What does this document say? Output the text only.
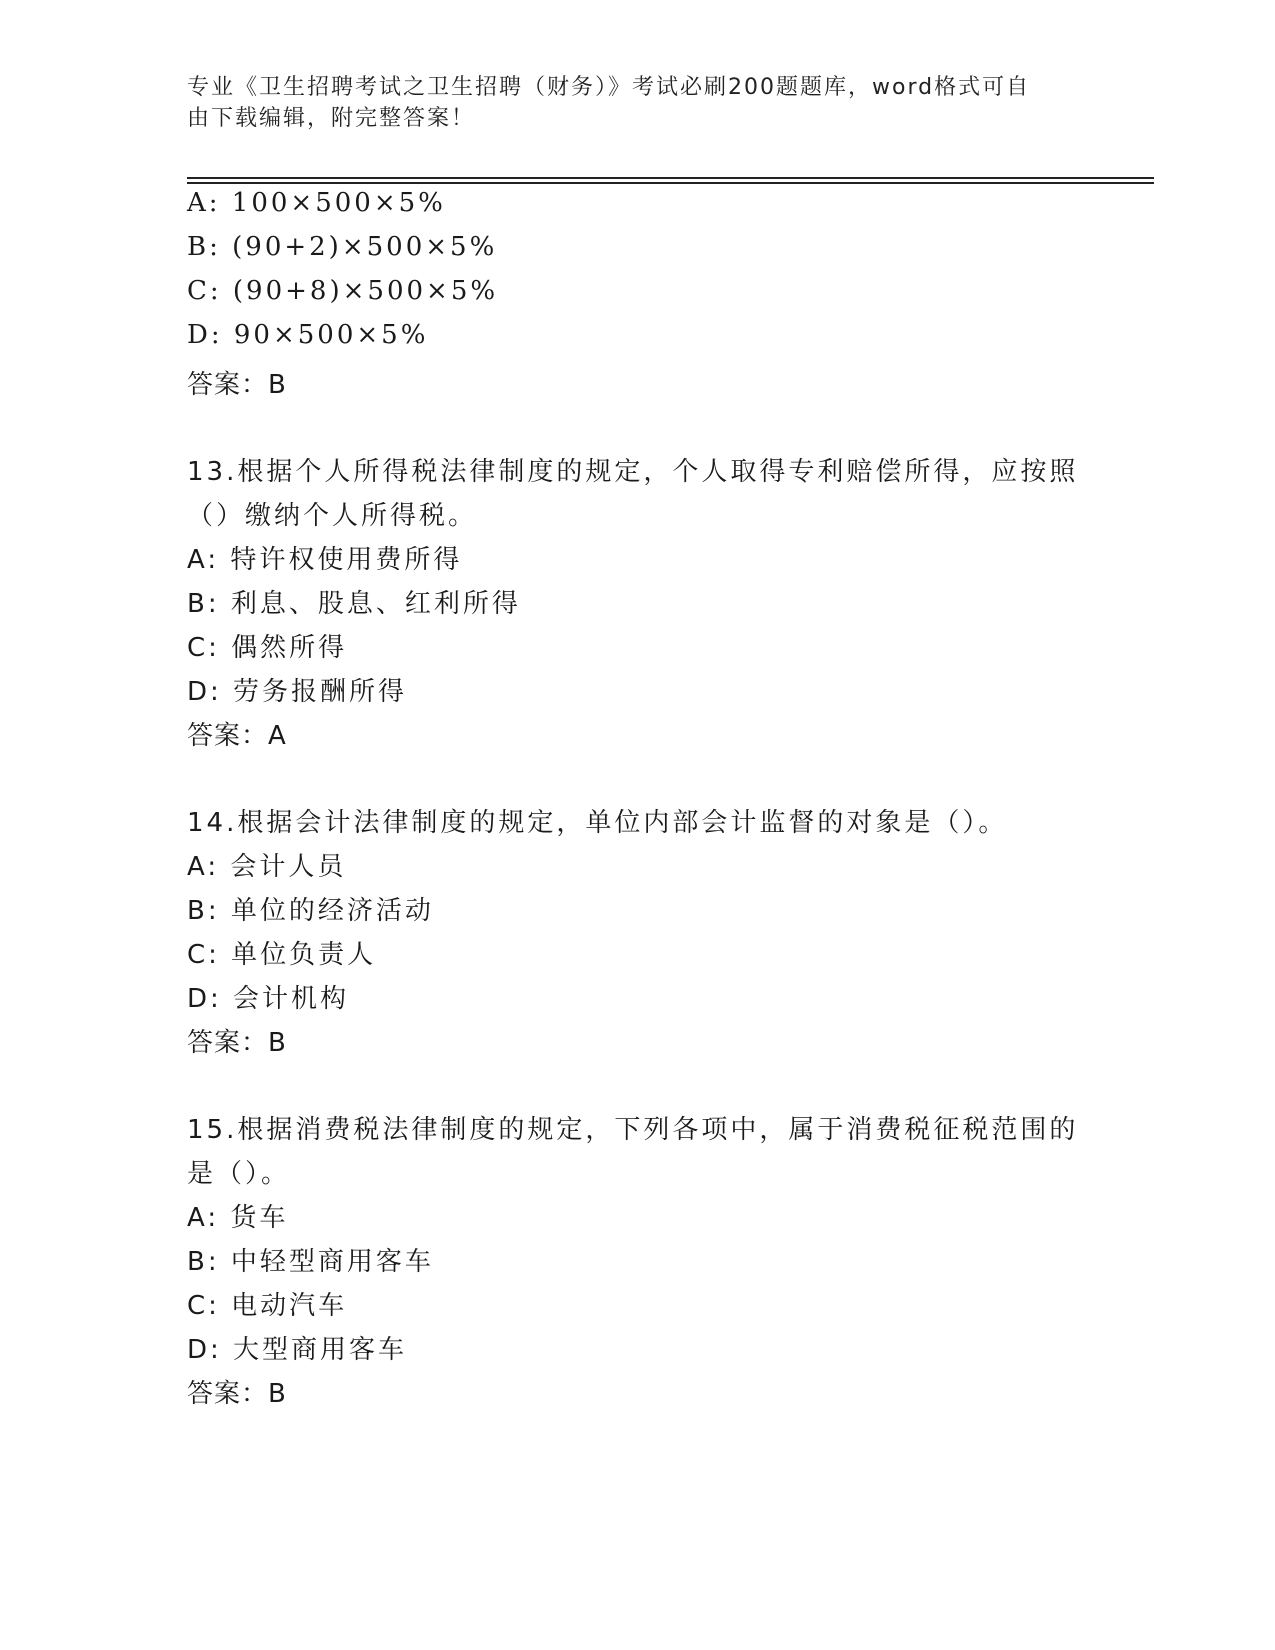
专业《卫生招聘考试之卫生招聘（财务）》考试必刷200题题库，word格式可自
由下载编辑，附完整答案！
A: 100×500×5%
B: (90+2)×500×5%
C: (90+8)×500×5%
D: 90×500×5%
答案：B
13.根据个人所得税法律制度的规定，个人取得专利赔偿所得，应按照
（）缴纳个人所得税。
A: 特许权使用费所得
B: 利息、股息、红利所得
C: 偶然所得
D: 劳务报酬所得
答案：A
14.根据会计法律制度的规定，单位内部会计监督的对象是（）。
A: 会计人员
B: 单位的经济活动
C: 单位负责人
D: 会计机构
答案：B
15.根据消费税法律制度的规定，下列各项中，属于消费税征税范围的
是（）。
A: 货车
B: 中轻型商用客车
C: 电动汽车
D: 大型商用客车
答案：B
